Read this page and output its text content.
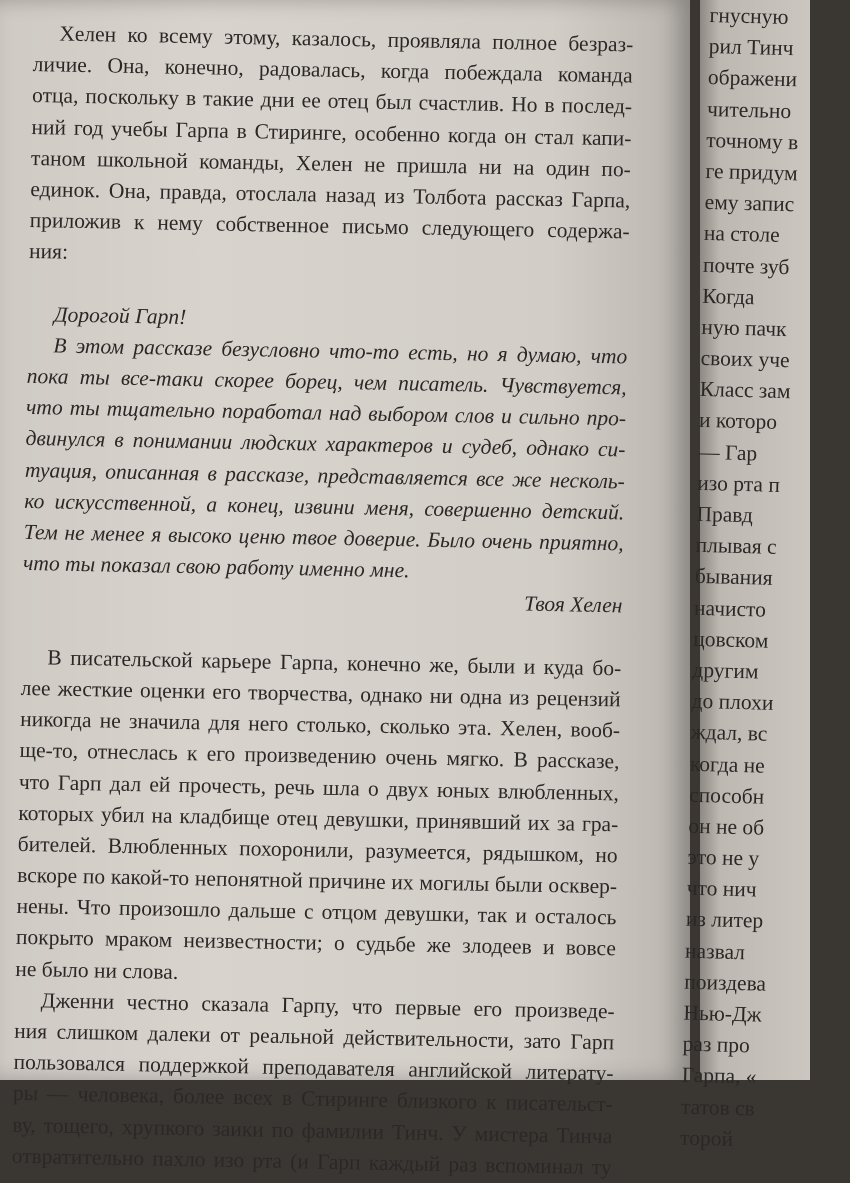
Хелен ко всему этому, казалось, проявляла полное безраз-
личие. Она, конечно, радовалась, когда побеждала команда
отца, поскольку в такие дни ее отец был счастлив. Но в послед-
ний год учебы Гарпа в Стиринге, особенно когда он стал капи-
таном школьной команды, Хелен не пришла ни на один по-
единок. Она, правда, отослала назад из Толбота рассказ Гарпа,
приложив к нему собственное письмо следующего содержа-
ния:
Дорогой Гарп!
В этом рассказе безусловно что-то есть, но я думаю, что
пока ты все-таки скорее борец, чем писатель. Чувствуется,
что ты тщательно поработал над выбором слов и сильно про-
двинулся в понимании людских характеров и судеб, однако си-
туация, описанная в рассказе, представляется все же несколь-
ко искусственной, а конец, извини меня, совершенно детский.
Тем не менее я высоко ценю твое доверие. Было очень приятно,
что ты показал свою работу именно мне.
Твоя Хелен
В писательской карьере Гарпа, конечно же, были и куда бо-
лее жесткие оценки его творчества, однако ни одна из рецензий
никогда не значила для него столько, сколько эта. Хелен, вооб-
ще-то, отнеслась к его произведению очень мягко. В рассказе,
что Гарп дал ей прочесть, речь шла о двух юных влюбленных,
которых убил на кладбище отец девушки, принявший их за гра-
бителей. Влюбленных похоронили, разумеется, рядышком, но
вскоре по какой-то непонятной причине их могилы были осквер-
нены. Что произошло дальше с отцом девушки, так и осталось
покрыто мраком неизвестности; о судьбе же злодеев и вовсе
не было ни слова.
Дженни честно сказала Гарпу, что первые его произведе-
ния слишком далеки от реальной действительности, зато Гарп
пользовался поддержкой преподавателя английской литерату-
ры — человека, более всех в Стиринге близкого к писательст-
ву, тощего, хрупкого заики по фамилии Тинч. У мистера Тинча
отвратительно пахло изо рта (и Гарп каждый раз вспоминал ту
гнусную
рил Тинч
ображени
чительно
точному в
ге придум
ему запис
на столе
почте зуб
Когда
ную пачк
своих уче
Класс зам
и которо
— Гар
изо рта п
Правд
плывая с
бывания
начисто
цовском
другим
до плохи
ждал, вс
когда не
способн
он не об
это не у
что нич
из литер
назвал
поиздева
Нью-Дж
раз про
Гарпа, «
татов св
торой
